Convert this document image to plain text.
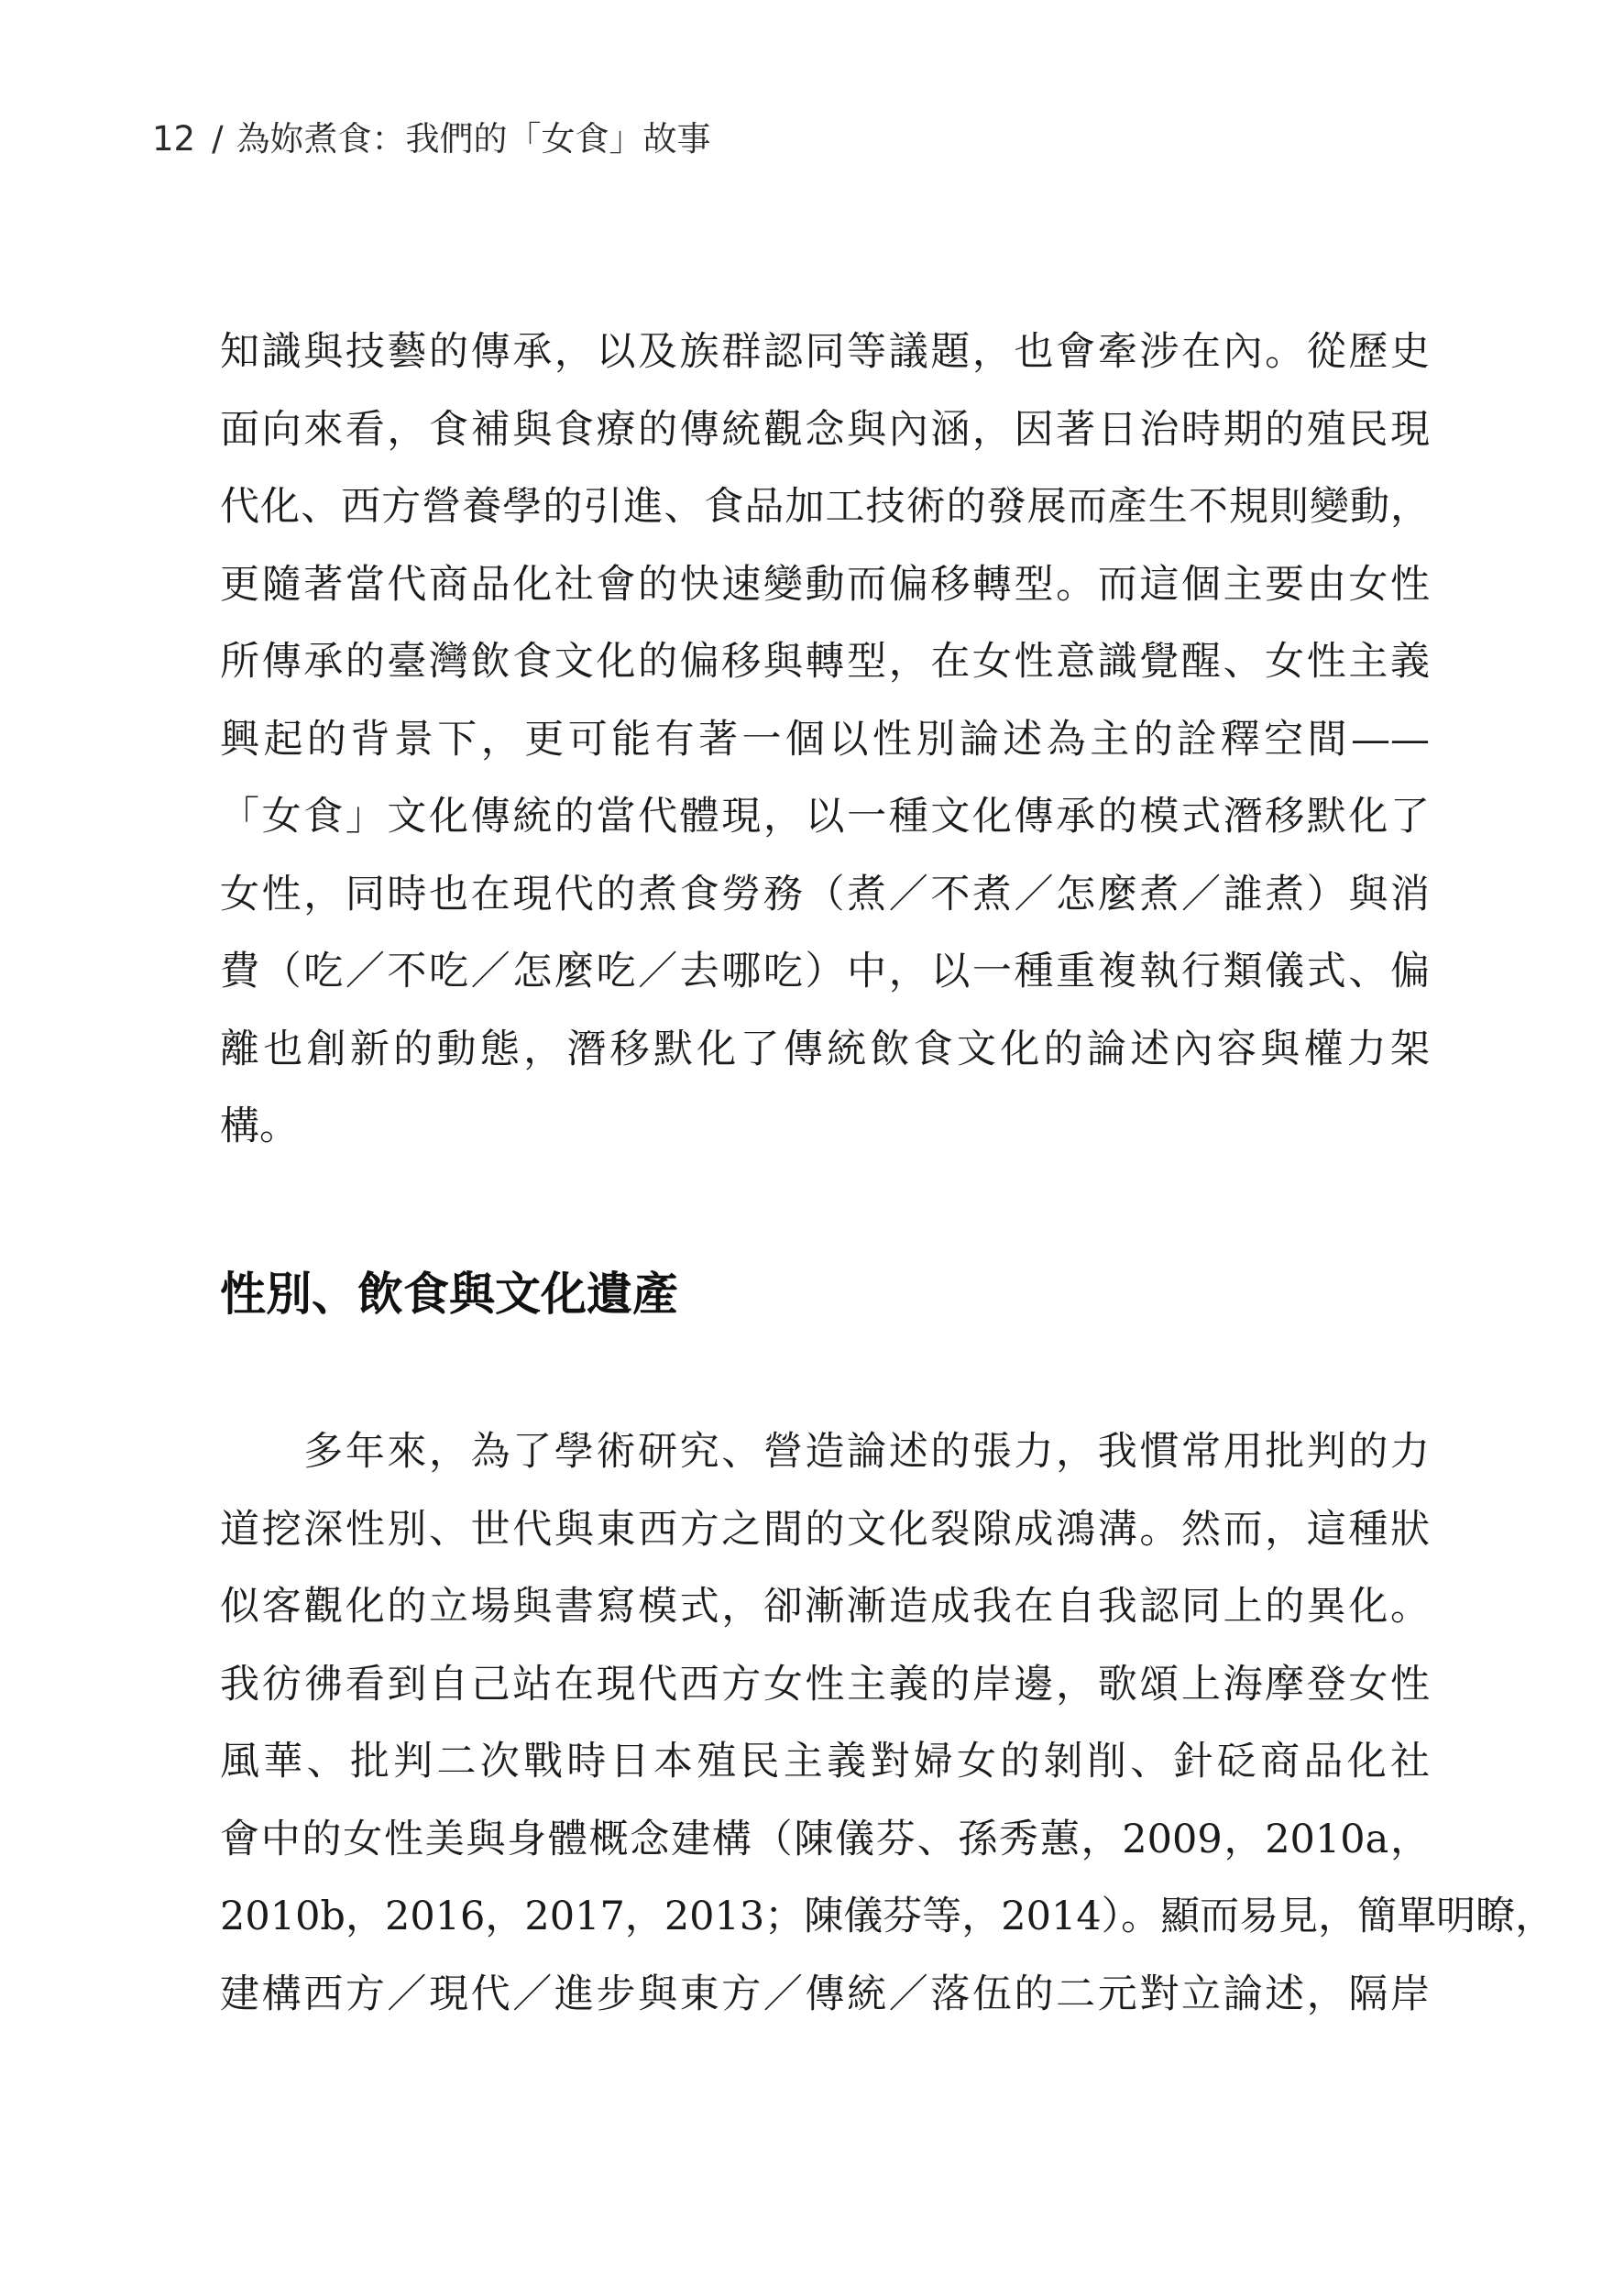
12 / 為妳煮食：我們的「女食」故事
知識與技藝的傳承，以及族群認同等議題，也會牽涉在內。從歷史
面向來看，食補與食療的傳統觀念與內涵，因著日治時期的殖民現
代化、西方營養學的引進、食品加工技術的發展而產生不規則變動，
更隨著當代商品化社會的快速變動而偏移轉型。而這個主要由女性
所傳承的臺灣飲食文化的偏移與轉型，在女性意識覺醒、女性主義
興起的背景下，更可能有著一個以性別論述為主的詮釋空間——
「女食」文化傳統的當代體現，以一種文化傳承的模式潛移默化了
女性，同時也在現代的煮食勞務（煮／不煮／怎麼煮／誰煮）與消
費（吃／不吃／怎麼吃／去哪吃）中，以一種重複執行類儀式、偏
離也創新的動態，潛移默化了傳統飲食文化的論述內容與權力架
構。
性別、飲食與文化遺產
　　多年來，為了學術研究、營造論述的張力，我慣常用批判的力
道挖深性別、世代與東西方之間的文化裂隙成鴻溝。然而，這種狀
似客觀化的立場與書寫模式，卻漸漸造成我在自我認同上的異化。
我彷彿看到自己站在現代西方女性主義的岸邊，歌頌上海摩登女性
風華、批判二次戰時日本殖民主義對婦女的剝削、針砭商品化社
會中的女性美與身體概念建構（陳儀芬、孫秀蕙，2009，2010a，
2010b，2016，2017，2013；陳儀芬等，2014）。顯而易見，簡單明瞭，
建構西方／現代／進步與東方／傳統／落伍的二元對立論述，隔岸
